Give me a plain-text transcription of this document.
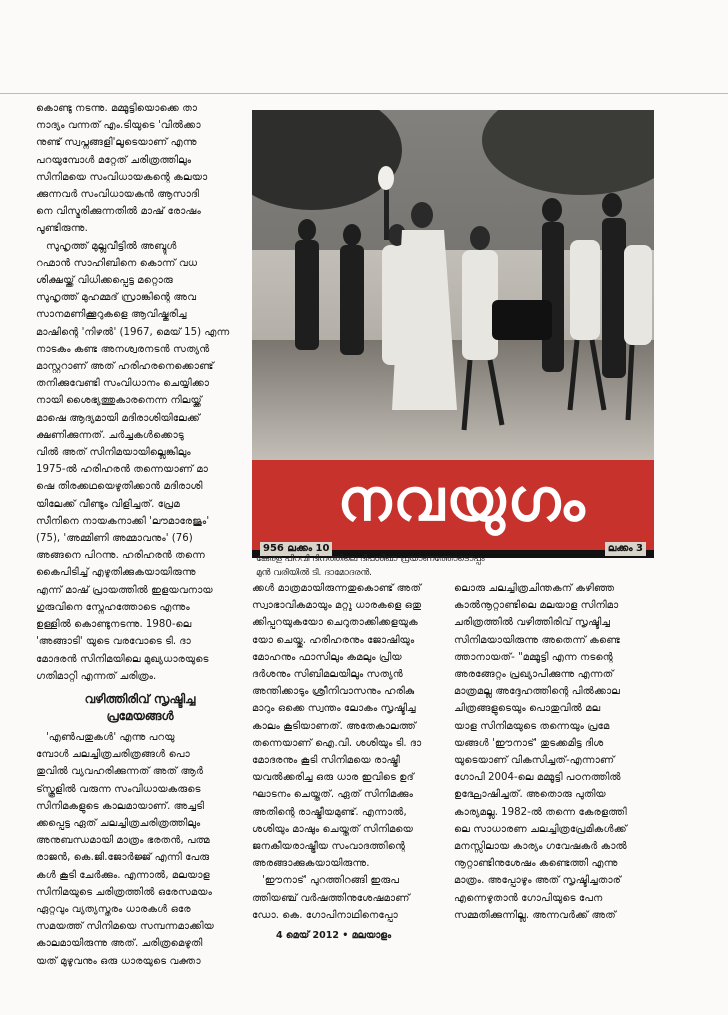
കൊണ്ടു നടന്നു. മമ്മൂട്ടിയൊക്കെ താ
നാദ്യം വന്നത് എം.ടിയുടെ 'വിൽക്കാ
നുണ്ട് സ്വപ്നങ്ങളി'ലൂടെയാണ് എന്നു
പറയുമ്പോൾ മറ്റേത് ചരിത്രത്തിലും
സിനിമയെ സംവിധായകന്റെ കലയാ
ക്കുന്നവർ സംവിധായകൻ ആസാദി
നെ വിസ്മരിക്കുന്നതിൽ മാഷ് രോഷം
പൂണ്ടിരുന്നു.
സുഹൃത്ത് മുല്ലവീട്ടിൽ അബ്ദുൾ
റഹ്മാൻ സാഹിബിനെ കൊന്ന് വധ
ശിക്ഷയ്ക്ക് വിധിക്കപ്പെട്ട മറ്റൊരു
സുഹൃത്ത് മുഹമ്മദ് സ്രാങ്കിന്റെ അവ
സാനമണിക്കൂറുകളെ ആവിഷ്കരിച്ച
മാഷിന്റെ 'നിഴൽ' (1967, മെയ് 15) എന്ന
നാടകം കണ്ട അനശ്വരനടൻ സത്യൻ
മാസ്റ്ററാണ് അത് ഹരിഹരനെക്കൊണ്ട്
തനിക്കുവേണ്ടി സംവിധാനം ചെയ്യിക്കാ
നായി ശൈഭ്യത്തുകാരനെന്ന നിലയ്ക്ക്
മാഷെ ആദ്യമായി മദിരാശിയിലേക്ക്
ക്ഷണിക്കുന്നത്. ചർച്ചകൾക്കൊടു
വിൽ അത് സിനിമയായില്ലെങ്കിലും
1975-ൽ ഹരിഹരൻ തന്നെയാണ് മാ
ഷെ തിരക്കഥയെഴുതിക്കാൻ മദിരാശി
യിലേക്ക് വീണ്ടും വിളിച്ചത്. പ്രേമ
സീനിനെ നായകനാക്കി 'ലൗമാരേജും'
(75), 'അമ്മിണി അമ്മാവനും' (76)
അങ്ങനെ പിറന്നു. ഹരിഹരൻ തന്നെ
കൈപിടിച്ച് എഴുതിക്കുകയായിരുന്നു
എന്ന് മാഷ് പ്രായത്തിൽ ഇളയവനായ
ഗുരുവിനെ സ്നേഹത്തോടെ എന്നും
ഉള്ളിൽ കൊണ്ടുനടന്നു. 1980-ലെ
'അങ്ങാടി' യുടെ വരവോടെ ടി. ദാ
മോദരൻ സിനിമയിലെ മുഖ്യധാരയുടെ
ഗതിമാറ്റി എന്നത് ചരിത്രം.
വഴിത്തിരിവ് സൃഷ്ടിച്ച
പ്രമേയങ്ങൾ
'എൺപതുകൾ' എന്നു പറയു
മ്പോൾ ചലച്ചിത്രചരിത്രങ്ങൾ പൊ
തുവിൽ വ്യവഹരിക്കുന്നത് അത് ആർ
ട്സ്കൂളിൽ വരുന്ന സംവിധായകരുടെ
സിനിമകളുടെ കാലമായാണ്. അച്ചടി
ക്കപ്പെട്ട ഏത് ചലച്ചിത്രചരിത്രത്തിലും
അനുബന്ധമായി മാത്രം ഭരതൻ, പത്മ
രാജൻ, കെ.ജി.ജോർജ്ജ് എന്നി പേരു
കൾ കൂടി ചേർക്കും. എന്നാൽ, മലയാള
സിനിമയുടെ ചരിത്രത്തിൽ ഒരേസമയം
ഏറ്റവും വ്യത്യസ്തരം ധാരകൾ ഒരേ
സമയത്ത് സിനിമയെ സമ്പന്നമാക്കിയ
കാലമായിരുന്നു അത്. ചരിത്രമെഴുതി
യത് മുഴുവനും ഒരു ധാരയുടെ വക്താ
നവയുഗം
956 ലക്കം 10	ലക്കം 3
കേരള പിറവി ദിനത്തിലെ ദീപശിഖാ പ്രയാണത്തോടൊപ്പം
മുൻ വരിയിൽ ടി. ദാമോദരൻ.
ക്കൾ മാത്രമായിരുന്നതുകൊണ്ട് അത്
സ്വാഭാവികമായും മറ്റു ധാരകളെ ഒതു
ക്കിപ്പറയുകയോ ചെറുതാക്കിക്കളയുക
യോ ചെയ്തു. ഹരിഹരനും ജോഷിയും
മോഹനും ഫാസിലും കമലും പ്രിയ
ദർശനും സിബിമലയിലും സത്യൻ
അന്തിക്കാടും ശ്രീനിവാസനും ഹരികു
മാറും ഒക്കെ സ്വന്തം ലോകം സൃഷ്ടിച്ച
കാലം കൂടിയാണത്. അതേകാലത്ത്
തന്നെയാണ് ഐ.വി. ശശിയും ടി. ദാ
മോദരനും കൂടി സിനിമയെ രാഷ്ട്രീ
യവൽക്കരിച്ച ഒരു ധാര ഇവിടെ ഉദ്
ഘാടനം ചെയ്തത്. ഏത് സിനിമക്കും
അതിന്റെ രാഷ്ട്രീയമുണ്ട്. എന്നാൽ,
ശശിയും മാഷും ചെയ്തത് സിനിമയെ
ജനകീയരാഷ്ട്രീയ സംവാദത്തിന്റെ
അരങ്ങാക്കുകയായിരുന്നു.
'ഈനാട്' പുറത്തിറങ്ങി ഇരുപ
ത്തിയഞ്ച് വർഷത്തിനുശേഷമാണ്
ഡോ. കെ. ഗോപിനാഥിനെപ്പോ
ലൊരു ചലച്ചിത്രചിന്തകന് കഴിഞ്ഞ
കാൽനൂറ്റാണ്ടിലെ മലയാള സിനിമാ
ചരിത്രത്തിൽ വഴിത്തിരിവ് സൃഷ്ടിച്ച
സിനിമയായിരുന്നു അതെന്ന് കണ്ടെ
ത്താനായത്- "മമ്മൂട്ടി എന്ന നടന്റെ
അരങ്ങേറ്റം പ്രഖ്യാപിക്കുന്നു എന്നത്
മാത്രമല്ല അദ്ദേഹത്തിന്റെ പിൽക്കാല
ചിത്രങ്ങളുടെയും പൊതുവിൽ മല
യാള സിനിമയുടെ തന്നെയും പ്രമേ
യങ്ങൾ 'ഈനാട്' തുടക്കമിട്ട ദിശ
യുടെയാണ് വികസിച്ചത്-എന്നാണ്
ഗോപി 2004-ലെ മമ്മൂട്ടി പഠനത്തിൽ
ഉദ്ഘോഷിച്ചത്. അതൊരു പുതിയ
കാര്യമല്ല. 1982-ൽ തന്നെ കേരളത്തി
ലെ സാധാരണ ചലച്ചിത്രപ്രേമികൾക്ക്
മനസ്സിലായ കാര്യം ഗവേഷകർ കാൽ
നൂറ്റാണ്ടിനുശേഷം കണ്ടെത്തി എന്നു
മാത്രം. അപ്പോഴും അത് സൃഷ്ടിച്ചതാര്
എന്നെഴുതാൻ ഗോപിയുടെ പേന
സമ്മതിക്കുന്നില്ല. അന്നവർക്ക് അത്
4 മെയ് 2012 • മലയാളം
